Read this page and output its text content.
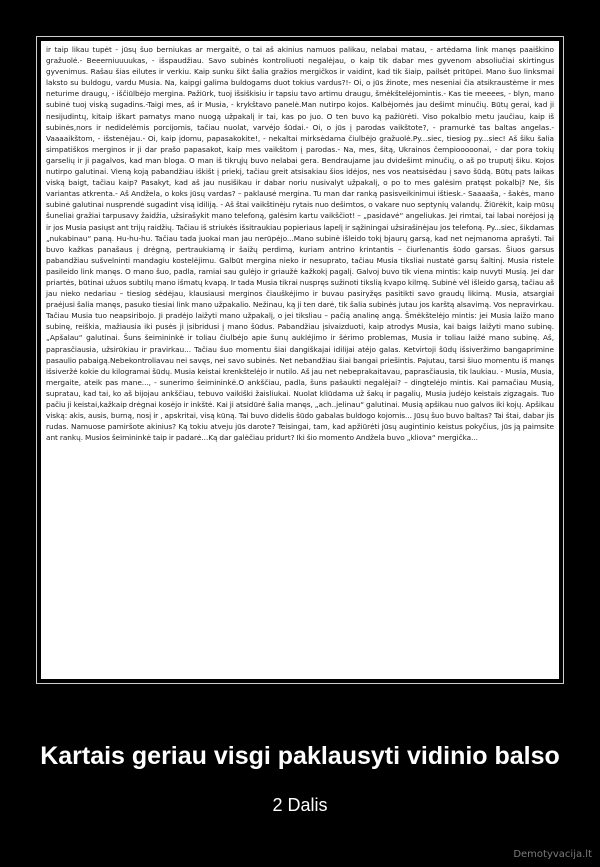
ir taip likau tupėt - jūsų šuo berniukas ar mergaitė, o tai aš akinius namuos palikau, nelabai matau, - artėdama link manęs paaiškino gražuolė.- Beeerniuuuukas, - išspaudžiau. Savo subinės kontroliuoti negalėjau, o kaip tik dabar mes gyvenom absoliučiai skirtingus gyvenimus. Rašau šias eilutes ir verkiu. Kaip sunku šikt šalia gražios mergičkos ir vaidint, kad tik šiaip, pailsėt pritūpei. Mano šuo linksmai laksto su buldogu, vardu Musia. Na, kaipgi galima buldogams duot tokius vardus?!- Oi, o jūs žinote, mes neseniai čia atsikraustėme ir mes neturime draugų, - iščiūlbėjo mergina. Pažiūrk, tuoj išsiškisiu ir tapsiu tavo artimu draugu, šmėkštelėjomintis.- Kas tie meeees, - blyn, mano subinė tuoj viską sugadins.-Taigi mes, aš ir Musia, - krykštavo panelė.Man nutirpo kojos. Kalbėjomės jau dešimt minučių. Būtų gerai, kad ji nesijudintų, kitaip iškart pamatys mano nuogą užpakalį ir tai, kas po juo. O ten buvo ką pažiūrėti. Viso pokalbio metu jaučiau, kaip iš subinės,nors ir nedidelėmis porcijomis, tačiau nuolat, varvėjo šūdai.- Oi, o jūs į parodas vaikštote?, - pramurkė tas baltas angelas.- Vaaaaikštom, - išstenėjau.- Oi, kaip įdomu, papasakokite!, - nekaltai mirksėdama čiulbėjo gražuolė.Py...siec, tiesiog py...siec! Aš šiku šalia simpatiškos merginos ir ji dar prašo papasakot, kaip mes vaikštom į parodas.- Na, mes, šitą, Ukrainos čempiooooonai, - dar pora tokių garselių ir ji pagalvos, kad man bloga. O man iš tikrųjų buvo nelabai gera. Bendraujame jau dvidešimt minučių, o aš po truputį šiku. Kojos nutirpo galutinai. Vieną koją pabandžiau iškišt į priekį, tačiau greit atsisakiau šios idėjos, nes vos neatsisėdau į savo šūdą. Būtų pats laikas viską baigt, tačiau kaip? Pasakyt, kad aš jau nusišikau ir dabar noriu nusivalyt užpakalį, o po to mes galėsim pratęst pokalbį? Ne, šis variantas atkrenta.- Aš Andžela, o koks jūsų vardas? – paklausė mergina. Tu man dar ranką pasisveikinimui ištiesk.- Saaaaša, - šakės, mano subinė galutinai nusprendė sugadint visą idiliją. - Aš štai vaikštinėju rytais nuo dešimtos, o vakare nuo septynių valandų. Žiūrėkit, kaip mūsų šuneliai gražiai tarpusavy žaidžia, užsirašykit mano telefoną, galėsim kartu vaikščiot! – „pasidavė“ angeliukas. Jei rimtai, tai labai norėjosi ją ir jos Musia pasiųst ant trijų raidžių. Tačiau iš striukės išsitraukiau popieriaus lapelį ir sąžiningai užsirašinėjau jos telefoną. Py...siec, šikdamas „nukabinau“ paną. Hu-hu-hu. Tačiau tada juokai man jau nerūpėjo...Mano subinė išleido tokį bjaurų garsą, kad net nejmanoma aprašyti. Tai buvo kažkas panašaus į drėgną, pertraukiamą ir šaižų perdimą, kuriam antrino krintantis – čiurlenantis šūdo garsas. Šiuos garsus pabandžiau sušvelninti mandagiu kostelėjimu. Galbūt mergina nieko ir nesuprato, tačiau Musia tiksliai nustatė garsų šaltinį. Musia ristele pasileido link manęs. O mano šuo, padla, ramiai sau gulėjo ir griaužė kažkokį pagalį. Galvoj buvo tik viena mintis: kaip nuvyti Musią. Jei dar priartės, būtinai užuos subtilų mano išmatų kvapą. Ir tada Musia tikrai nuspręs sužinoti tikslią kvapo kilmę. Subinė vėl išleido garsą, tačiau aš jau nieko nedariau – tiesiog sėdėjau, klausiausi merginos čiauškėjimo ir buvau pasiryžęs pasitikti savo graudų likimą. Musia, atsargiai praėjusi šalia manęs, pasuko tiesiai link mano užpakalio. Nežinau, ką ji ten darė, tik šalia subinės jutau jos karštą alsavimą. Vos nepravirkau. Tačiau Musia tuo neapsiribojo. Ji pradėjo laižyti mano užpakalį, o jei tiksliau – pačią analinę angą. Šmėkštelėjo mintis: jei Musia laižo mano subinę, reiškia, mažiausia iki pusės ji įsibridusi į mano šūdus. Pabandžiau įsivaizduoti, kaip atrodys Musia, kai baigs laižyti mano subinę. „Apšalau“ galutinai. Šuns šeimininkė ir toliau čiulbėjo apie šunų auklėjimo ir šėrimo problemas, Musia ir toliau laižė mano subinę. Aš, paprasčiausia, užsirūkiau ir pravirkau... Tačiau šuo momentu šiai dangiškajai idilijai atėjo galas. Ketvirtoji šūdų išsiveržimo bangaprimine pasaulio pabaigą.Nebekontroliavau nei savęs, nei savo subinės. Net nebandžiau šiai bangai priešintis. Pajutau, tarsi šiuo momentu iš manęs išsiveržė kokie du kilogramai šūdų. Musia keistai krenkštelėjo ir nutilo. Aš jau net nebeprakaitavau, paprasčiausia, tik laukiau. - Musia, Musia, mergaite, ateik pas mane..., - sunerimo šeimininkė.O ankščiau, padla, šuns pašaukti negalėjai? – dingtelėjo mintis. Kai pamačiau Musią, supratau, kad tai, ko aš bijojau ankščiau, tebuvo vaikiški žaisliukai. Nuolat kliūdama už šakų ir pagalių, Musia judėjo keistais zigzagais. Tuo pačiu ji keistai,kažkaip drėgnai kosėjo ir inkštė. Kai ji atsidūrė šalia manęs, „ach..jelinau“ galutinai. Musią apšikau nuo galvos iki kojų. Apšikau viską: akis, ausis, burną, nosį ir , apskritai, visą kūną. Tai buvo didelis šūdo gabalas buldogo kojomis... Jūsų šuo buvo baltas? Tai štai, dabar jis rudas. Namuose pamiršote akinius? Ką tokiu atveju jūs darote? Teisingai, tam, kad apžiūrėti jūsų augintinio keistus pokyčius, jūs ją paimsite ant rankų. Musios šeimininkė taip ir padarė...Ką dar galėčiau pridurt? Iki šio momento Andželа buvo „kliova“ mergička...

Kartais geriau visgi paklausyti vidinio balso

2 Dalis

Demotyvacija.lt
